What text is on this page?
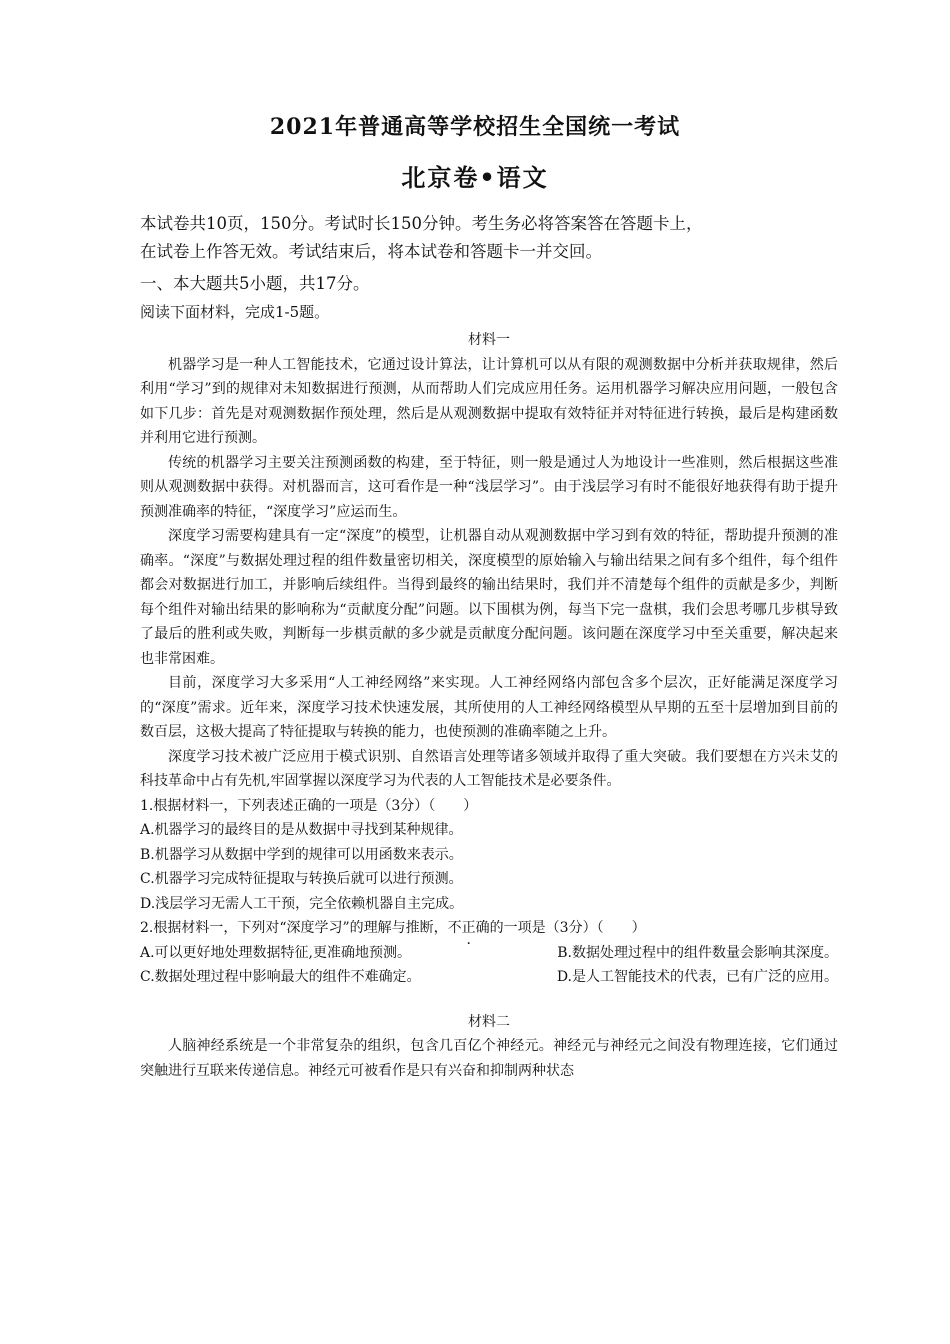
2021年普通高等学校招生全国统一考试
北京卷•语文

本试卷共10页，150分。考试时长150分钟。考生务必将答案答在答题卡上，

在试卷上作答无效。考试结束后，将本试卷和答题卡一并交回。

一、本大题共5小题，共17分。

阅读下面材料，完成1-5题。

材料一

机器学习是一种人工智能技术，它通过设计算法，让计算机可以从有限的观测数据中分析并获取规律，然后利用“学习”到的规律对未知数据进行预测，从而帮助人们完成应用任务。运用机器学习解决应用问题，一般包含如下几步：首先是对观测数据作预处理，然后是从观测数据中提取有效特征并对特征进行转换，最后是构建函数并利用它进行预测。

传统的机器学习主要关注预测函数的构建，至于特征，则一般是通过人为地设计一些准则，然后根据这些准则从观测数据中获得。对机器而言，这可看作是一种“浅层学习”。由于浅层学习有时不能很好地获得有助于提升预测准确率的特征，“深度学习”应运而生。

深度学习需要构建具有一定“深度”的模型，让机器自动从观测数据中学习到有效的特征，帮助提升预测的准确率。“深度”与数据处理过程的组件数量密切相关，深度模型的原始输入与输出结果之间有多个组件，每个组件都会对数据进行加工，并影响后续组件。当得到最终的输出结果时，我们并不清楚每个组件的贡献是多少，判断每个组件对输出结果的影响称为“贡献度分配”问题。以下围棋为例，每当下完一盘棋，我们会思考哪几步棋导致了最后的胜利或失败，判断每一步棋贡献的多少就是贡献度分配问题。该问题在深度学习中至关重要，解决起来也非常困难。

目前，深度学习大多采用“人工神经网络”来实现。人工神经网络内部包含多个层次，正好能满足深度学习的“深度”需求。近年来，深度学习技术快速发展，其所使用的人工神经网络模型从早期的五至十层增加到目前的数百层，这极大提高了特征提取与转换的能力，也使预测的准确率随之上升。

深度学习技术被广泛应用于模式识别、自然语言处理等诸多领域并取得了重大突破。我们要想在方兴未艾的科技革命中占有先机,牢固掌握以深度学习为代表的人工智能技术是必要条件。

1.根据材料一，下列表述正确的一项是（3分）（　　）

A.机器学习的最终目的是从数据中寻找到某种规律。

B.机器学习从数据中学到的规律可以用函数来表示。

C.机器学习完成特征提取与转换后就可以进行预测。

D.浅层学习无需人工干预，完全依赖机器自主完成。

2.根据材料一，下列对“深度学习”的理解与推断，不正确的一项是（3分）（　　）

A.可以更好地处理数据特征,更准确地预测。	B.数据处理过程中的组件数量会影响其深度。
C.数据处理过程中影响最大的组件不难确定。	D.是人工智能技术的代表，已有广泛的应用。

材料二

人脑神经系统是一个非常复杂的组织，包含几百亿个神经元。神经元与神经元之间没有物理连接，它们通过突触进行互联来传递信息。神经元可被看作是只有兴奋和抑制两种状态
